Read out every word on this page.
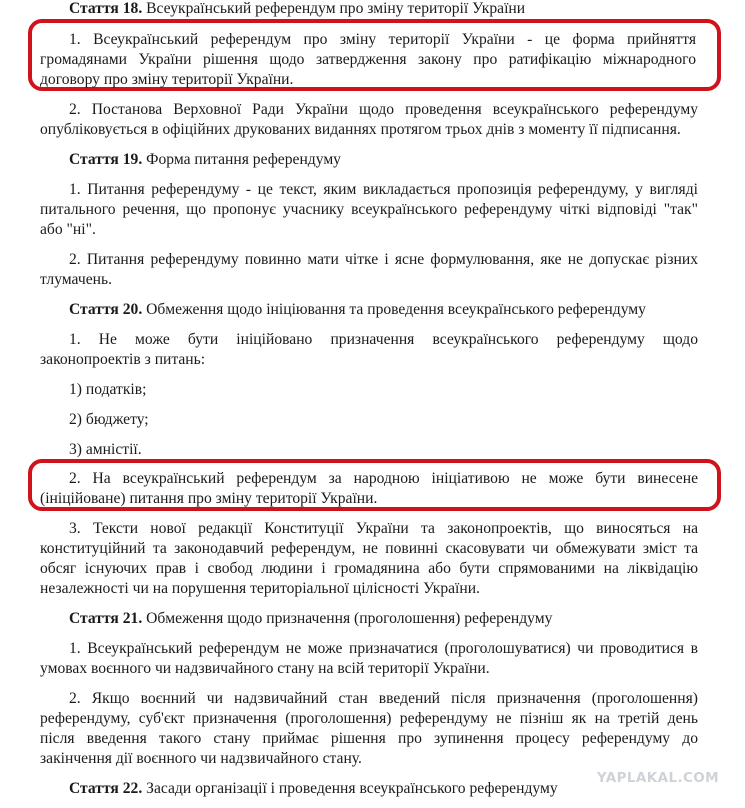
Стаття 18. Всеукраїнський референдум про зміну території України
1. Всеукраїнський референдум про зміну території України - це форма прийняття
громадянами України рішення щодо затвердження закону про ратифікацію міжнародного
договору про зміну території України.
2. Постанова Верховної Ради України щодо проведення всеукраїнського референдуму
опубліковується в офіційних друкованих виданнях протягом трьох днів з моменту її підписання.
Стаття 19. Форма питання референдуму
1. Питання референдуму - це текст, яким викладається пропозиція референдуму, у вигляді
питального речення, що пропонує учаснику всеукраїнського референдуму чіткі відповіді "так"
або "ні".
2. Питання референдуму повинно мати чітке і ясне формулювання, яке не допускає різних
тлумачень.
Стаття 20. Обмеження щодо ініціювання та проведення всеукраїнського референдуму
1. Не може бути ініційовано призначення всеукраїнського референдуму щодо
законопроектів з питань:
1) податків;
2) бюджету;
3) амністії.
2. На всеукраїнський референдум за народною ініціативою не може бути винесене
(ініційоване) питання про зміну території України.
3. Тексти нової редакції Конституції України та законопроектів, що виносяться на
конституційний та законодавчий референдум, не повинні скасовувати чи обмежувати зміст та
обсяг існуючих прав і свобод людини і громадянина або бути спрямованими на ліквідацію
незалежності чи на порушення територіальної цілісності України.
Стаття 21. Обмеження щодо призначення (проголошення) референдуму
1. Всеукраїнський референдум не може призначатися (проголошуватися) чи проводитися в
умовах воєнного чи надзвичайного стану на всій території України.
2. Якщо воєнний чи надзвичайний стан введений після призначення (проголошення)
референдуму, суб'єкт призначення (проголошення) референдуму не пізніш як на третій день
після введення такого стану приймає рішення про зупинення процесу референдуму до
закінчення дії воєнного чи надзвичайного стану.
Стаття 22. Засади організації і проведення всеукраїнського референдуму
YAPLAKAL.COM
